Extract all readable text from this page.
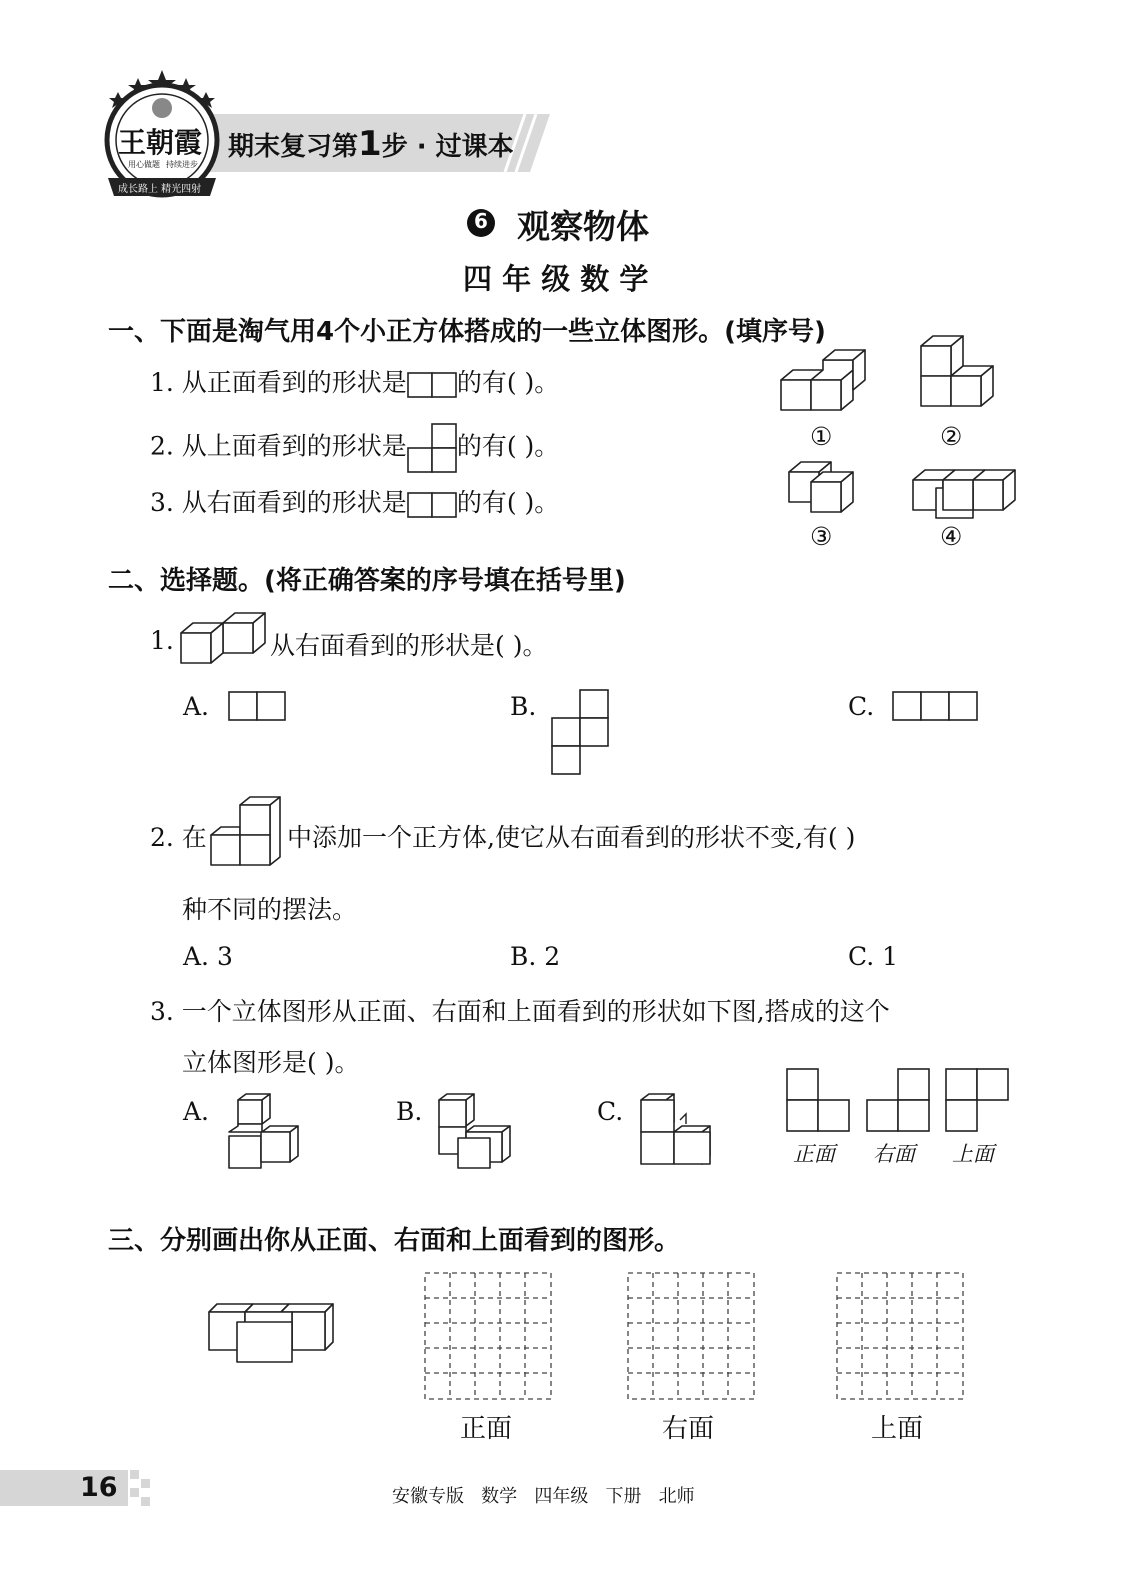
期末复习第1步 · 过课本
王朝霞
用心做题 持续进步
成长路上 精光四射
6 观察物体
四 年 级 数 学
一、下面是淘气用4个小正方体搭成的一些立体图形。(填序号)
1. 从正面看到的形状是 的有( )。
2. 从上面看到的形状是 的有( )。
3. 从右面看到的形状是 的有( )。
①	②
③	④
二、选择题。(将正确答案的序号填在括号里)
1.	从右面看到的形状是( )。
A.	B.	C.
2. 在	中添加一个正方体,使它从右面看到的形状不变,有( )
种不同的摆法。
A. 3	B. 2	C. 1
3. 一个立体图形从正面、右面和上面看到的形状如下图,搭成的这个
立体图形是( )。
A.	B.	C.
正面 右面 上面
三、分别画出你从正面、右面和上面看到的图形。
正面	右面	上面
16	安徽专版   数学   四年级   下册   北师
